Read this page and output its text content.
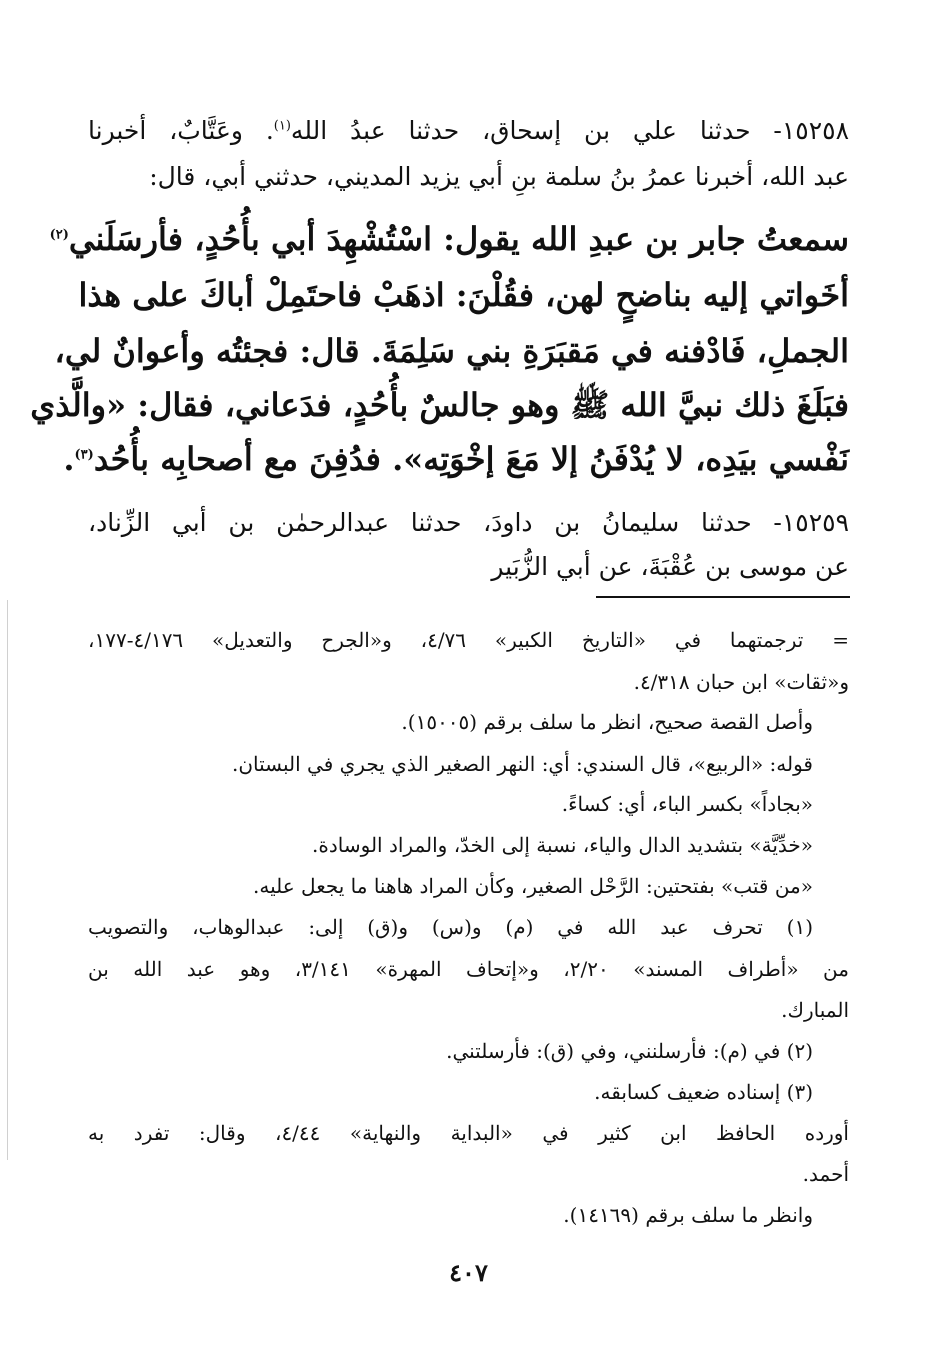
١٥٢٥٨- حدثنا علي بن إسحاق، حدثنا عبدُ الله$^{(١)}$. وعَتَّابٌ، أخبرنا
عبد الله، أخبرنا عمرُ بنُ سلمة بنِ أبي يزيد المديني، حدثني أبي، قال:
سمعتُ جابر بن عبدِ الله يقول: اسْتُشْهِدَ أبي بأُحُدٍ، فأرسَلَني$^{(٢)}$
أخَواتي إليه بناضحٍ لهن، فقُلْنَ: اذهَبْ فاحتَمِلْ أباكَ على هذا
الجملِ، فَادْفنه في مَقبَرَةِ بني سَلِمَةَ. قال: فجئتُه وأعوانٌ لي،
فبَلَغَ ذلك نبيَّ الله ﷺ وهو جالسٌ بأُحُدٍ، فدَعاني، فقال: «والَّذي
نَفْسي بيَدِه، لا يُدْفَنُ إلا مَعَ إخْوَتِه». فدُفِنَ مع أصحابِه بأُحُد$^{(٣)}$.
١٥٢٥٩- حدثنا سليمانُ بن داودَ، حدثنا عبدالرحمٰن بن أبي الزِّناد،
عن موسى بن عُقْبَةَ، عن أبي الزُّبَير
= ترجمتهما في «التاريخ الكبير» ٤/٧٦، و«الجرح والتعديل» ٤/١٧٦-١٧٧،
و«ثقات» ابن حبان ٤/٣١٨.
وأصل القصة صحيح، انظر ما سلف برقم (١٥٠٠٥).
قوله: «الربيع»، قال السندي: أي: النهر الصغير الذي يجري في البستان.
«بجاداً» بكسر الباء، أي: كساءً.
«خدِّيَّة» بتشديد الدال والياء، نسبة إلى الخدّ، والمراد الوسادة.
«من قتب» بفتحتين: الرَّحْل الصغير، وكأن المراد هاهنا ما يجعل عليه.
(١) تحرف عبد الله في (م) و(س) و(ق) إلى: عبدالوهاب، والتصويب
من «أطراف المسند» ٢/٢٠، و«إتحاف المهرة» ٣/١٤١، وهو عبد الله بن
المبارك.
(٢) في (م): فأرسلنني، وفي (ق): فأرسلتني.
(٣) إسناده ضعيف كسابقه.
أورده الحافظ ابن كثير في «البداية والنهاية» ٤/٤٤، وقال: تفرد به
أحمد.
وانظر ما سلف برقم (١٤١٦٩).
٤٠٧
